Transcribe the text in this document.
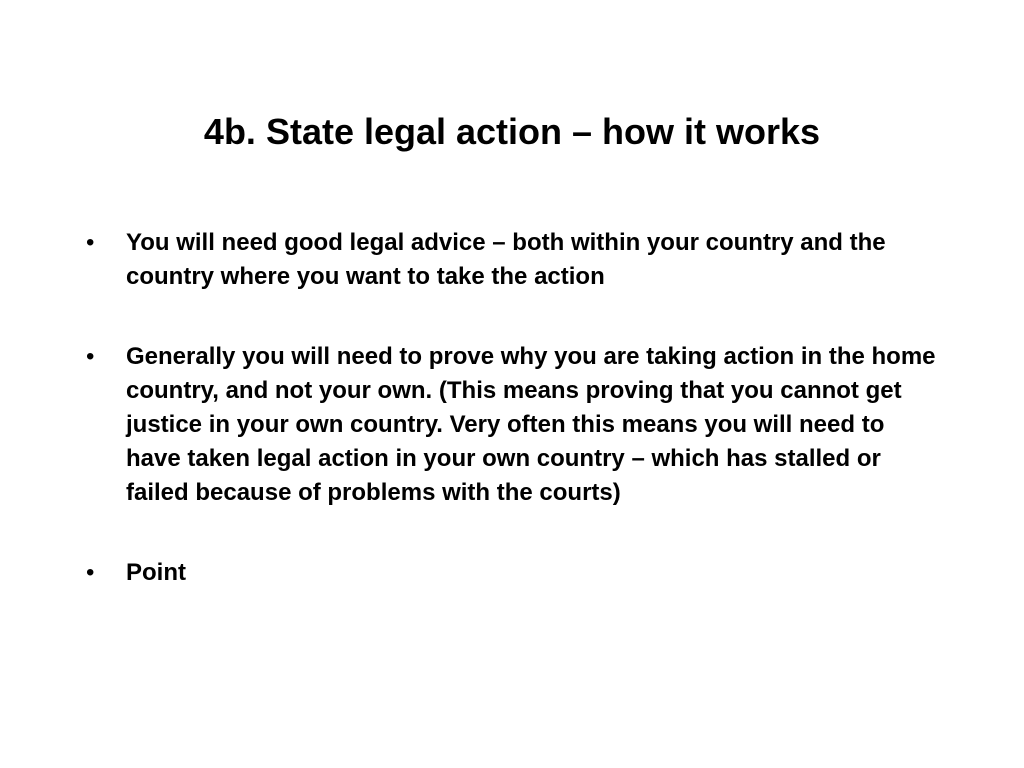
4b. State legal action – how it works
• You will need good legal advice – both within your country and the country where you want to take the action
• Generally you will need to prove why you are taking action in the home country, and not your own. (This means proving that you cannot get justice in your own country. Very often this means you will need to have taken legal action in your own country – which has stalled or failed because of problems with the courts)
• Point
